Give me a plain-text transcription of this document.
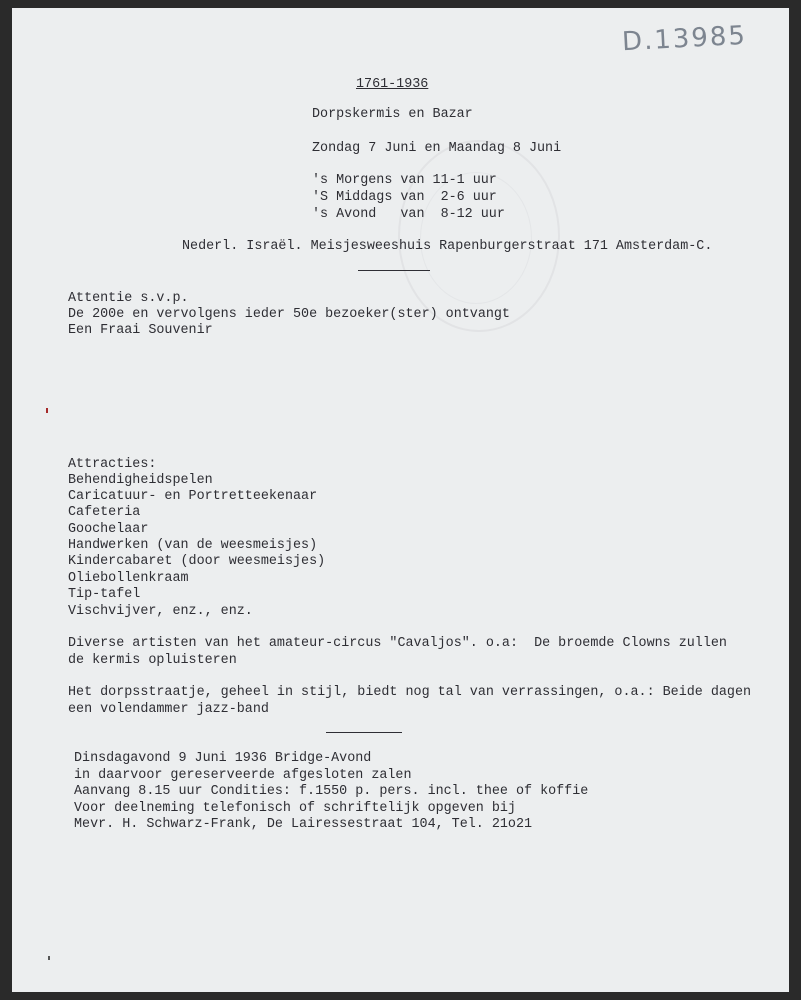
D.13985
1761-1936
Dorpskermis en Bazar
Zondag 7 Juni en Maandag 8 Juni
's Morgens van 11-1 uur
'S Middags van  2-6 uur
's Avond   van  8-12 uur
Nederl. Israël. Meisjesweeshuis Rapenburgerstraat 171 Amsterdam-C.
Attentie s.v.p.
De 200e en vervolgens ieder 50e bezoeker(ster) ontvangt
Een Fraai Souvenir
Attracties:
Behendigheidspelen
Caricatuur- en Portretteekenaar
Cafeteria
Goochelaar
Handwerken (van de weesmeisjes)
Kindercabaret (door weesmeisjes)
Oliebollenkraam
Tip-tafel
Vischvijver, enz., enz.
Diverse artisten van het amateur-circus "Cavaljos". o.a:  De broemde Clowns zullen
de kermis opluisteren
Het dorpsstraatje, geheel in stijl, biedt nog tal van verrassingen, o.a.: Beide dagen
een volendammer jazz-band
Dinsdagavond 9 Juni 1936 Bridge-Avond
in daarvoor gereserveerde afgesloten zalen
Aanvang 8.15 uur Condities: f.1550 p. pers. incl. thee of koffie
Voor deelneming telefonisch of schriftelijk opgeven bij
Mevr. H. Schwarz-Frank, De Lairessestraat 104, Tel. 21o21
